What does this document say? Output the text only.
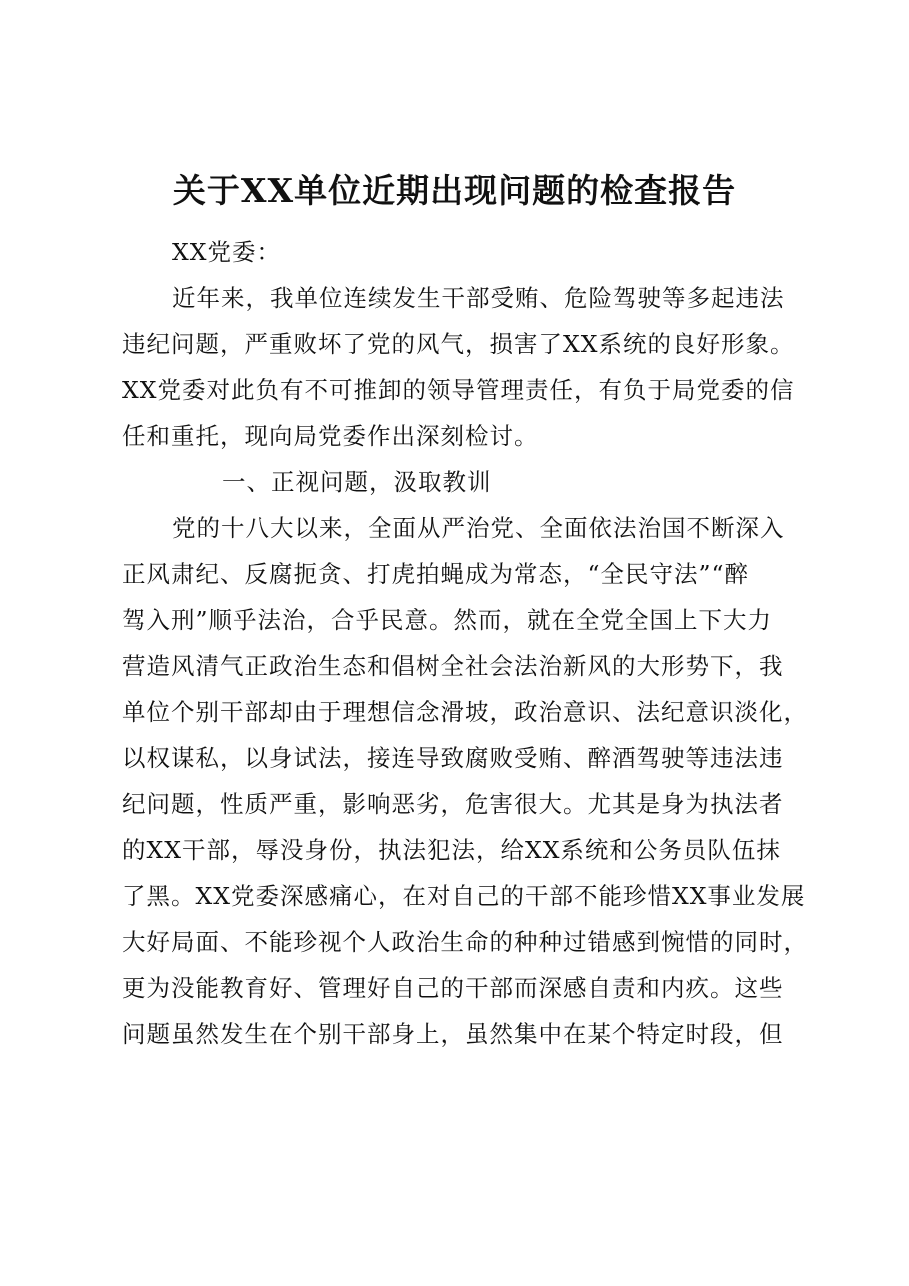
关于XX单位近期出现问题的检查报告
XX党委：
近年来，我单位连续发生干部受贿、危险驾驶等多起违法
违纪问题，严重败坏了党的风气，损害了XX系统的良好形象。
XX党委对此负有不可推卸的领导管理责任，有负于局党委的信
任和重托，现向局党委作出深刻检讨。
一、正视问题，汲取教训
党的十八大以来，全面从严治党、全面依法治国不断深入
正风肃纪、反腐扼贪、打虎拍蝇成为常态，“全民守法”“醉
驾入刑”顺乎法治，合乎民意。然而，就在全党全国上下大力
营造风清气正政治生态和倡树全社会法治新风的大形势下，我
单位个别干部却由于理想信念滑坡，政治意识、法纪意识淡化，
以权谋私，以身试法，接连导致腐败受贿、醉酒驾驶等违法违
纪问题，性质严重，影响恶劣，危害很大。尤其是身为执法者
的XX干部，辱没身份，执法犯法，给XX系统和公务员队伍抹
了黑。XX党委深感痛心，在对自己的干部不能珍惜XX事业发展
大好局面、不能珍视个人政治生命的种种过错感到惋惜的同时，
更为没能教育好、管理好自己的干部而深感自责和内疚。这些
问题虽然发生在个别干部身上，虽然集中在某个特定时段，但
